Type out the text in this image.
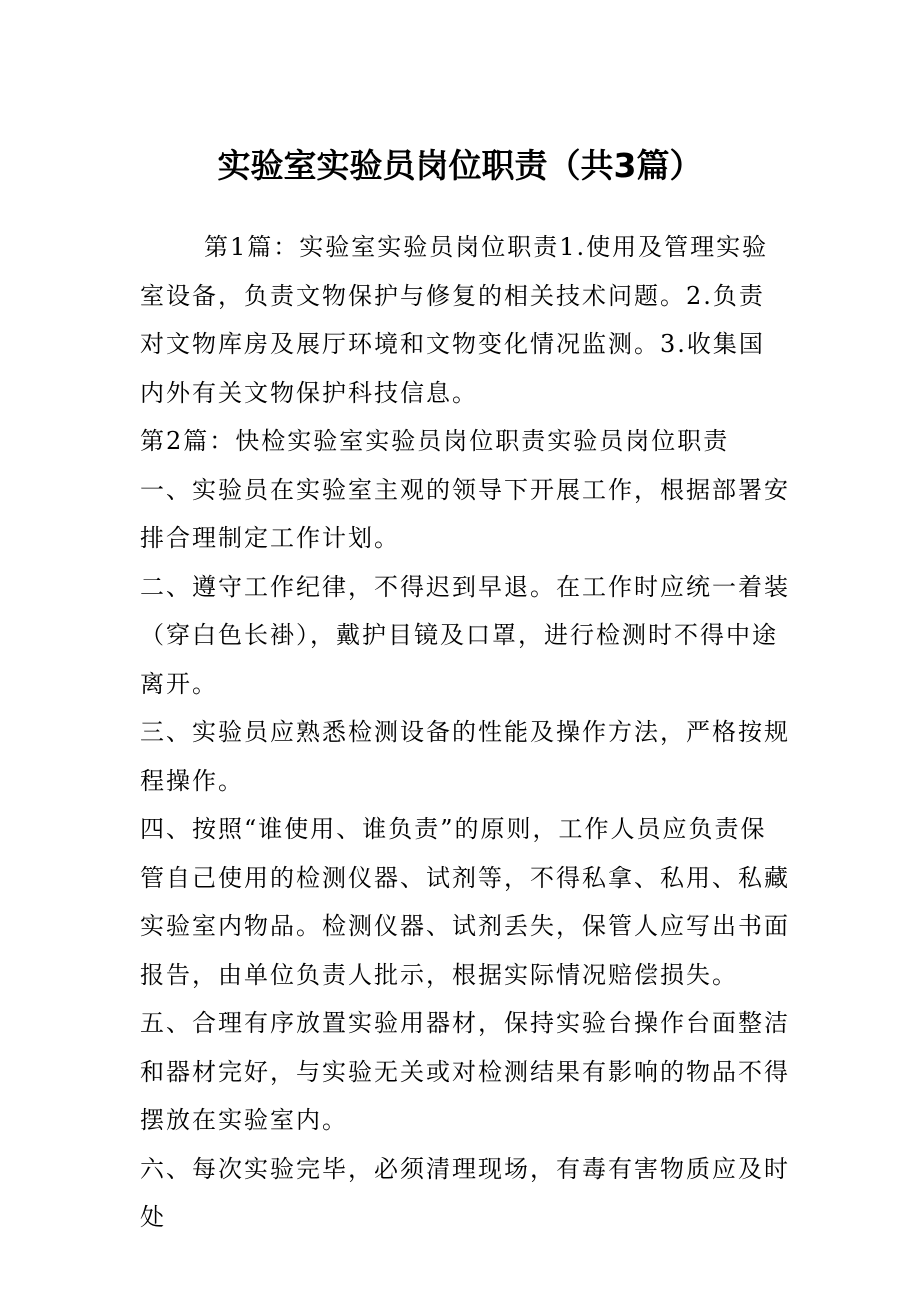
实验室实验员岗位职责（共3篇）

第1篇：实验室实验员岗位职责1.使用及管理实验室设备，负责文物保护与修复的相关技术问题。2.负责对文物库房及展厅环境和文物变化情况监测。3.收集国内外有关文物保护科技信息。

第2篇：快检实验室实验员岗位职责实验员岗位职责

一、实验员在实验室主观的领导下开展工作，根据部署安排合理制定工作计划。

二、遵守工作纪律，不得迟到早退。在工作时应统一着装（穿白色长褂），戴护目镜及口罩，进行检测时不得中途离开。

三、实验员应熟悉检测设备的性能及操作方法，严格按规程操作。

四、按照“谁使用、谁负责”的原则，工作人员应负责保管自己使用的检测仪器、试剂等，不得私拿、私用、私藏实验室内物品。检测仪器、试剂丢失，保管人应写出书面报告，由单位负责人批示，根据实际情况赔偿损失。

五、合理有序放置实验用器材，保持实验台操作台面整洁和器材完好，与实验无关或对检测结果有影响的物品不得摆放在实验室内。

六、每次实验完毕，必须清理现场，有毒有害物质应及时处
